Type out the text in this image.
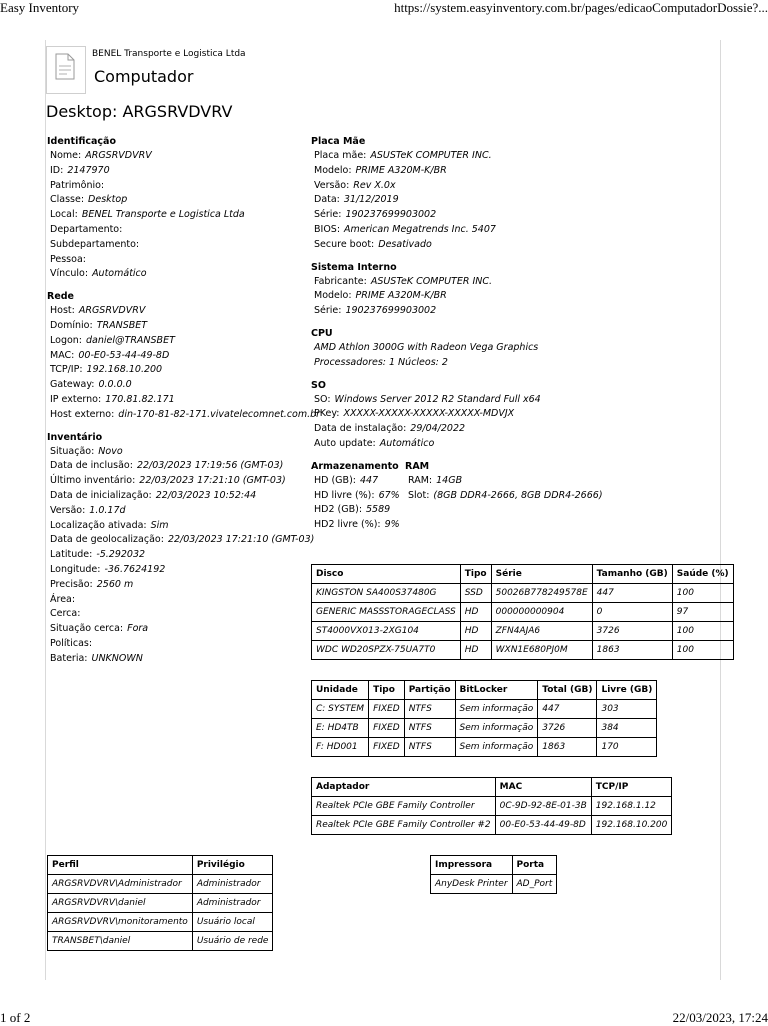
Easy Inventory	https://system.easyinventory.com.br/pages/edicaoComputadorDossie?...
BENEL Transporte e Logistica Ltda
Computador
Desktop: ARGSRVDVRV
Identificação
Nome: ARGSRVDVRV
ID: 2147970
Patrimônio:
Classe: Desktop
Local: BENEL Transporte e Logistica Ltda
Departamento:
Subdepartamento:
Pessoa:
Vínculo: Automático
Rede
Host: ARGSRVDVRV
Domínio: TRANSBET
Logon: daniel@TRANSBET
MAC: 00-E0-53-44-49-8D
TCP/IP: 192.168.10.200
Gateway: 0.0.0.0
IP externo: 170.81.82.171
Host externo: din-170-81-82-171.vivatelecomnet.com.br
Inventário
Situação: Novo
Data de inclusão: 22/03/2023 17:19:56 (GMT-03)
Último inventário: 22/03/2023 17:21:10 (GMT-03)
Data de inicialização: 22/03/2023 10:52:44
Versão: 1.0.17d
Localização ativada: Sim
Data de geolocalização: 22/03/2023 17:21:10 (GMT-03)
Latitude: -5.292032
Longitude: -36.7624192
Precisão: 2560 m
Área:
Cerca:
Situação cerca: Fora
Políticas:
Bateria: UNKNOWN
Placa Mãe
Placa mãe: ASUSTeK COMPUTER INC.
Modelo: PRIME A320M-K/BR
Versão: Rev X.0x
Data: 31/12/2019
Série: 190237699903002
BIOS: American Megatrends Inc. 5407
Secure boot: Desativado
Sistema Interno
Fabricante: ASUSTeK COMPUTER INC.
Modelo: PRIME A320M-K/BR
Série: 190237699903002
CPU
AMD Athlon 3000G with Radeon Vega Graphics
Processadores: 1 Núcleos: 2
SO
SO: Windows Server 2012 R2 Standard Full x64
PKey: XXXXX-XXXXX-XXXXX-XXXXX-MDVJX
Data de instalação: 29/04/2022
Auto update: Automático
Armazenamento
HD (GB): 447
HD livre (%): 67%
HD2 (GB): 5589
HD2 livre (%): 9%
RAM
RAM: 14GB
Slot: (8GB DDR4-2666, 8GB DDR4-2666)
Disco	Tipo	Série	Tamanho (GB)	Saúde (%)
KINGSTON SA400S37480G	SSD	50026B778249578E	447	100
GENERIC MASSSTORAGECLASS	HD	000000000904	0	97
ST4000VX013-2XG104	HD	ZFN4AJA6	3726	100
WDC WD20SPZX-75UA7T0	HD	WXN1E680PJ0M	1863	100
Unidade	Tipo	Partição	BitLocker	Total (GB)	Livre (GB)
C: SYSTEM	FIXED	NTFS	Sem informação	447	303
E: HD4TB	FIXED	NTFS	Sem informação	3726	384
F: HD001	FIXED	NTFS	Sem informação	1863	170
Adaptador	MAC	TCP/IP
Realtek PCIe GBE Family Controller	0C-9D-92-8E-01-3B	192.168.1.12
Realtek PCIe GBE Family Controller #2	00-E0-53-44-49-8D	192.168.10.200
Perfil	Privilégio
ARGSRVDVRV\Administrador	Administrador
ARGSRVDVRV\daniel	Administrador
ARGSRVDVRV\monitoramento	Usuário local
TRANSBET\daniel	Usuário de rede
Impressora	Porta
AnyDesk Printer	AD_Port
1 of 2	22/03/2023, 17:24
